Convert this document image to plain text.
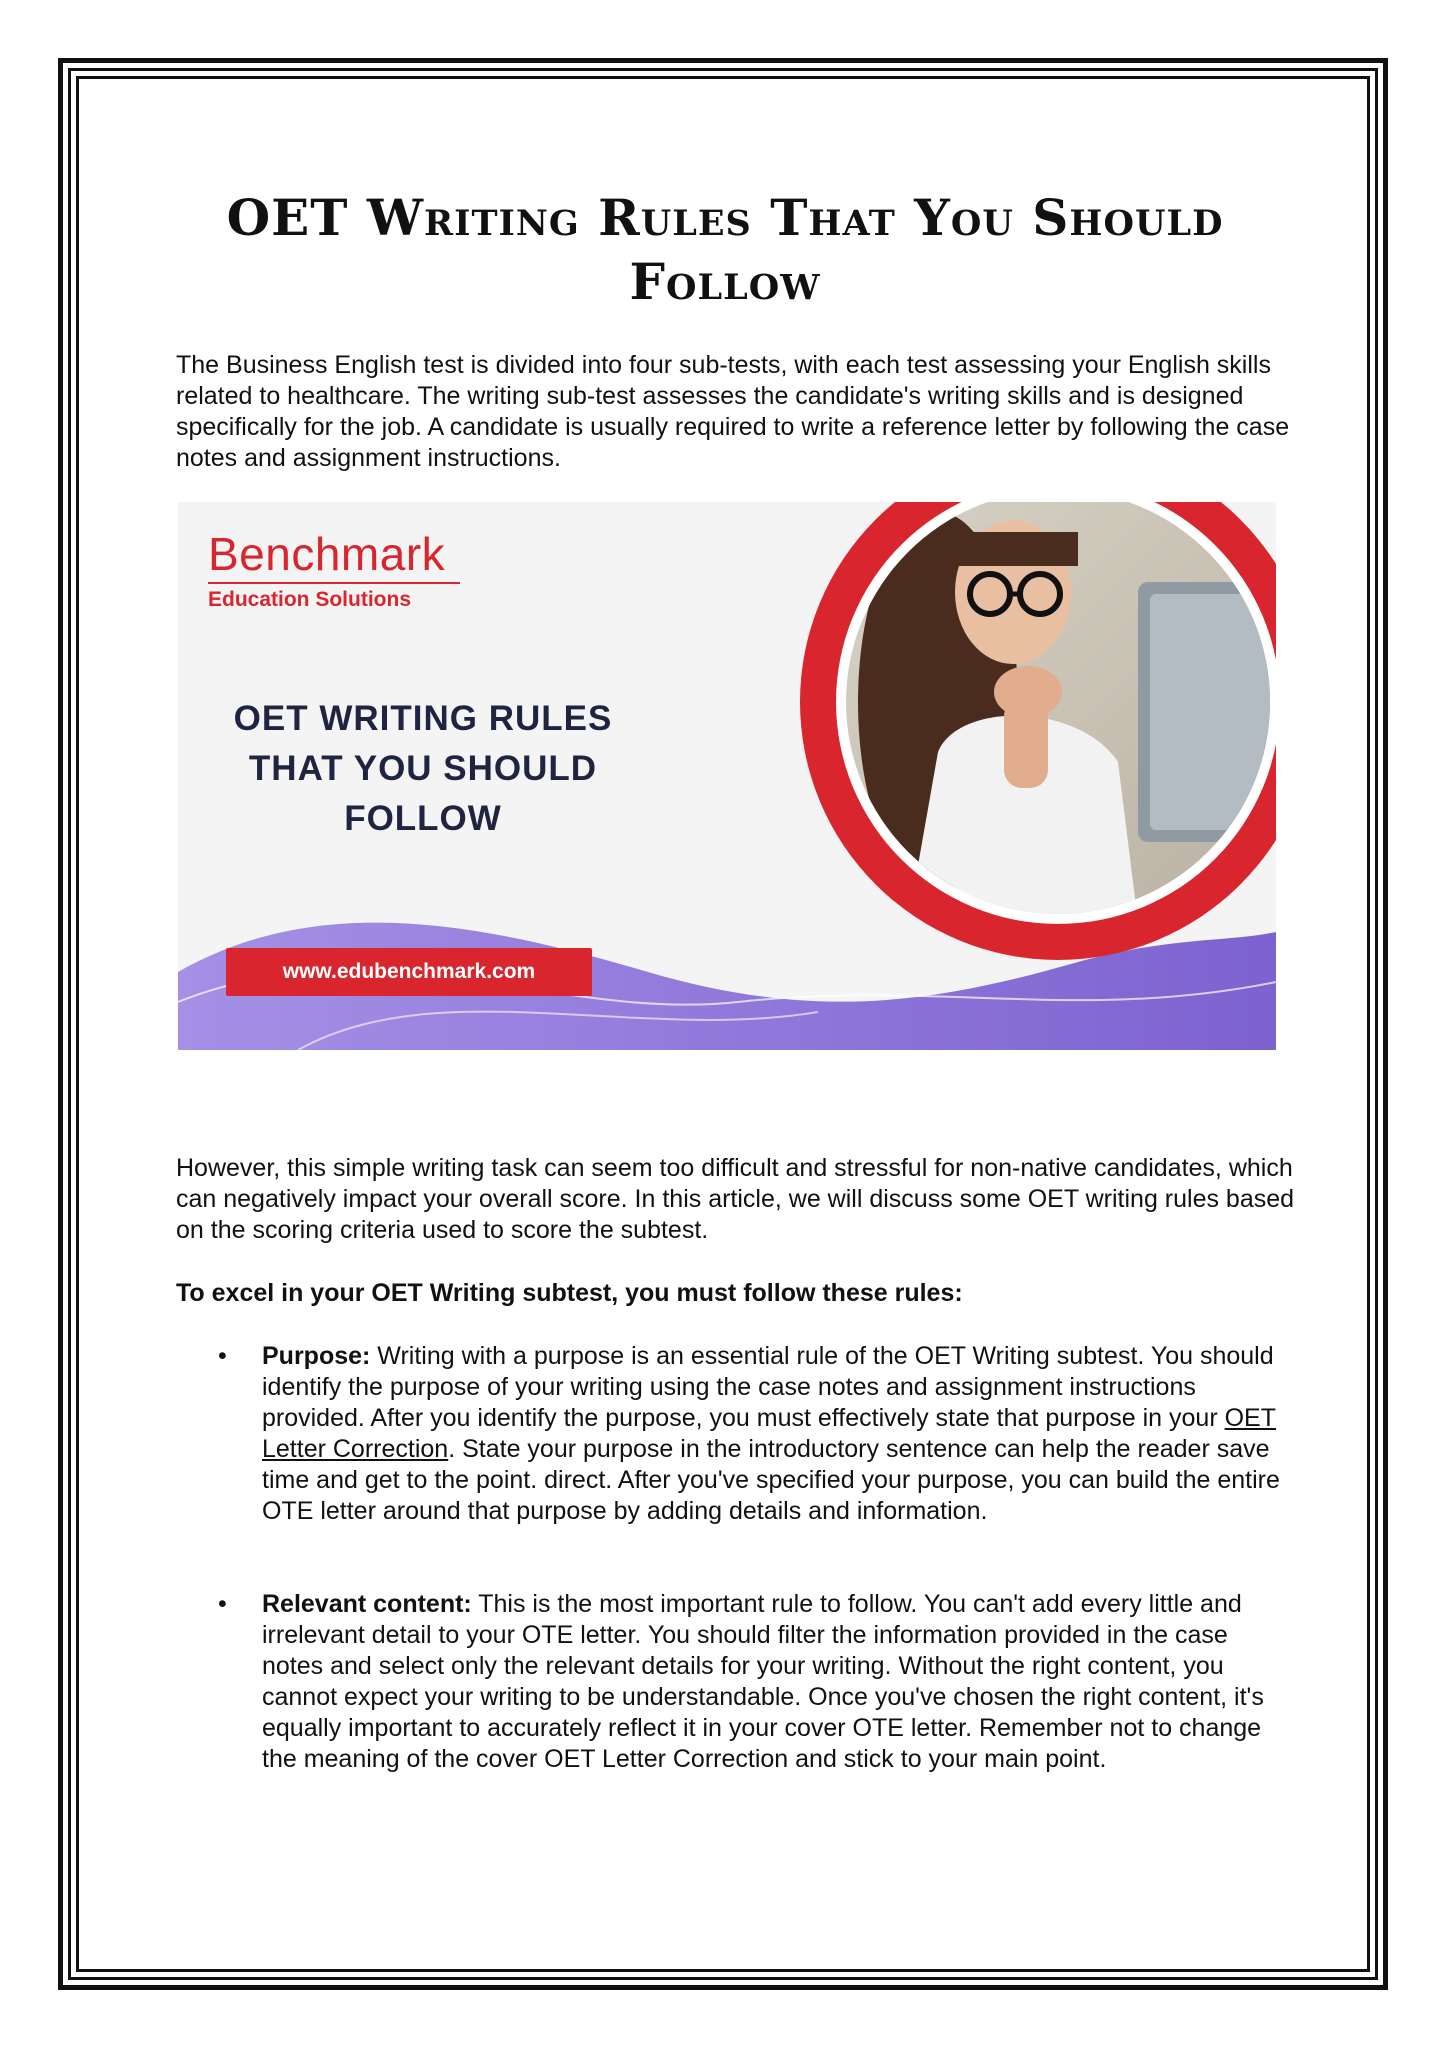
OET Writing Rules That You Should Follow

The Business English test is divided into four sub-tests, with each test assessing your English skills related to healthcare. The writing sub-test assesses the candidate's writing skills and is designed specifically for the job. A candidate is usually required to write a reference letter by following the case notes and assignment instructions.

Benchmark
Education Solutions
OET WRITING RULES THAT YOU SHOULD FOLLOW
www.edubenchmark.com

However, this simple writing task can seem too difficult and stressful for non-native candidates, which can negatively impact your overall score. In this article, we will discuss some OET writing rules based on the scoring criteria used to score the subtest.

To excel in your OET Writing subtest, you must follow these rules:

• Purpose: Writing with a purpose is an essential rule of the OET Writing subtest. You should identify the purpose of your writing using the case notes and assignment instructions provided. After you identify the purpose, you must effectively state that purpose in your OET Letter Correction. State your purpose in the introductory sentence can help the reader save time and get to the point. direct. After you've specified your purpose, you can build the entire OTE letter around that purpose by adding details and information.
• Relevant content: This is the most important rule to follow. You can't add every little and irrelevant detail to your OTE letter. You should filter the information provided in the case notes and select only the relevant details for your writing. Without the right content, you cannot expect your writing to be understandable. Once you've chosen the right content, it's equally important to accurately reflect it in your cover OTE letter. Remember not to change the meaning of the cover OET Letter Correction and stick to your main point.
